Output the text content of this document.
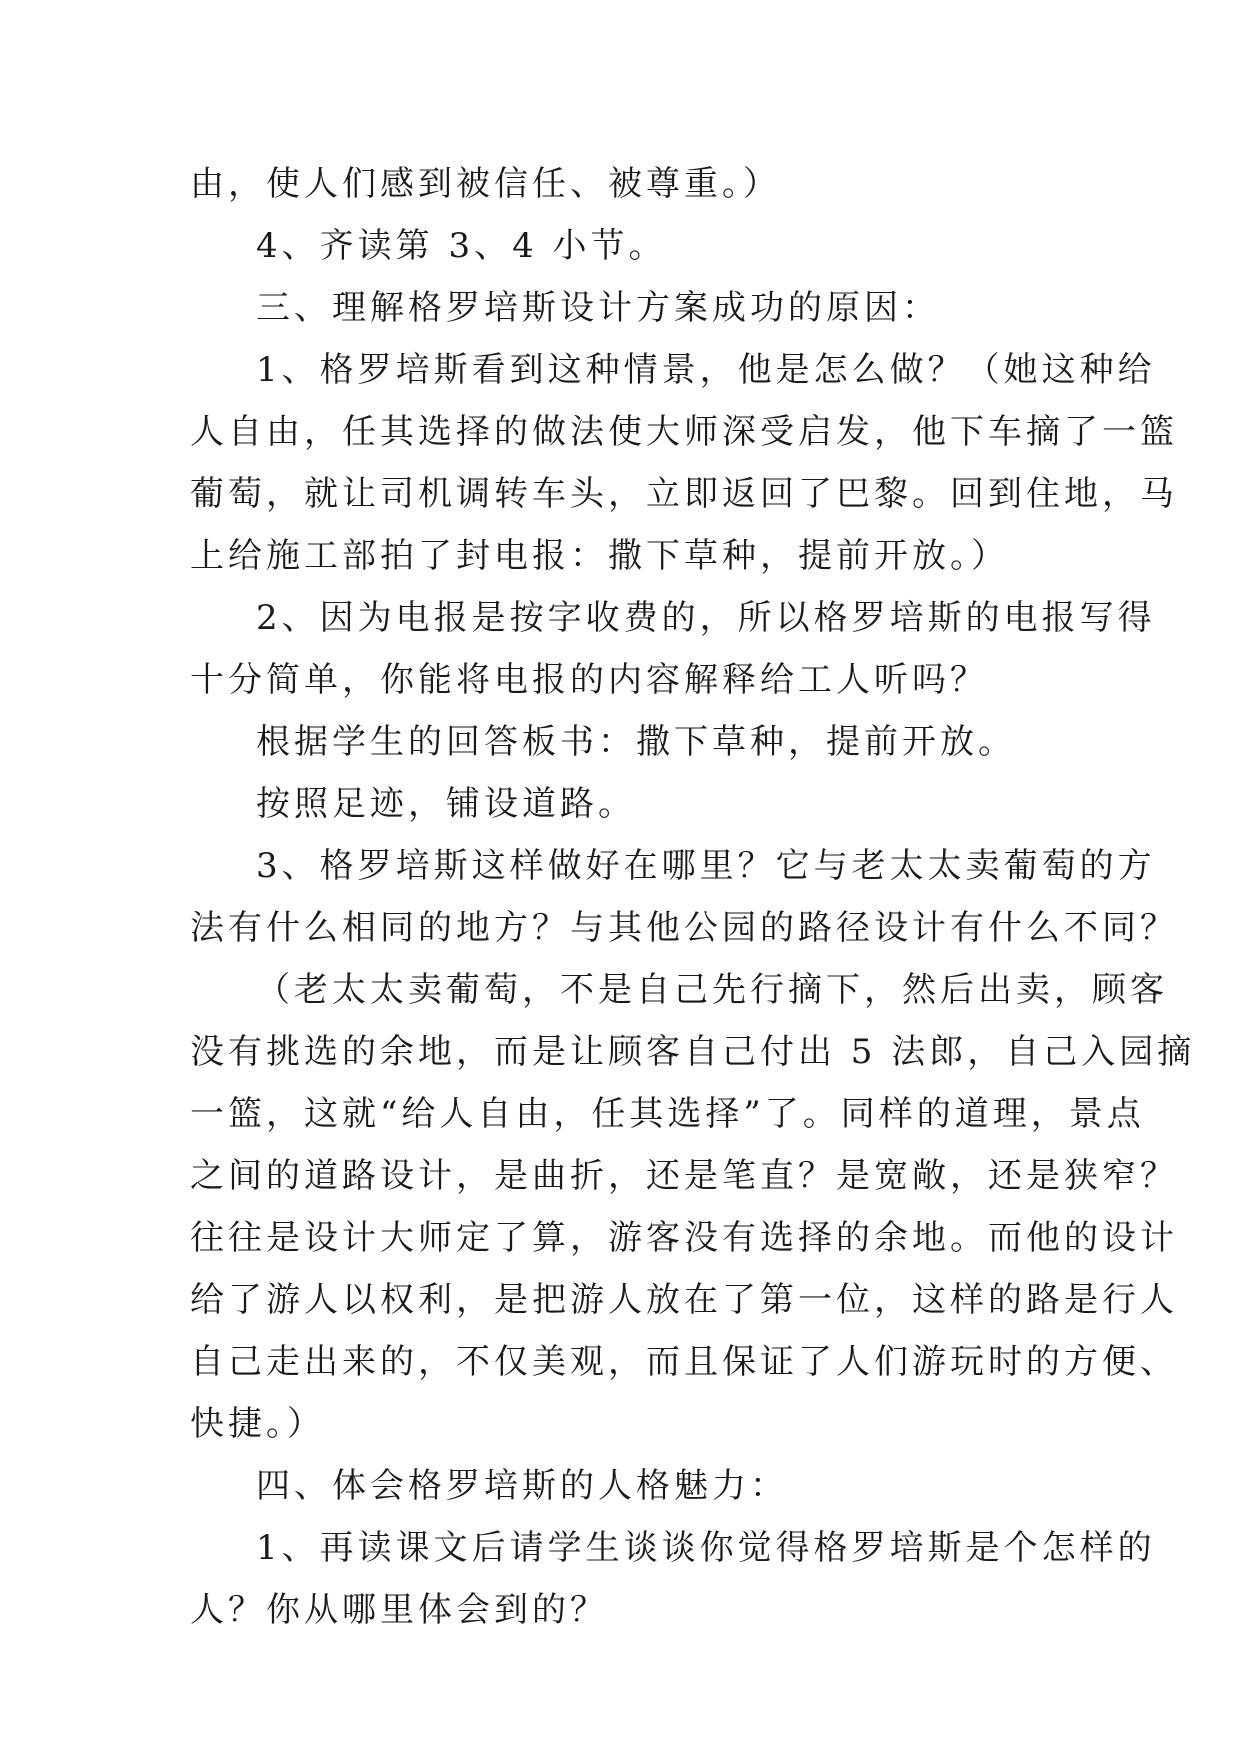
由，使人们感到被信任、被尊重。）

4、齐读第 3、4 小节。

三、理解格罗培斯设计方案成功的原因：

1、格罗培斯看到这种情景，他是怎么做？（她这种给

人自由，任其选择的做法使大师深受启发，他下车摘了一篮

葡萄，就让司机调转车头，立即返回了巴黎。回到住地，马

上给施工部拍了封电报：撒下草种，提前开放。）

2、因为电报是按字收费的，所以格罗培斯的电报写得

十分简单，你能将电报的内容解释给工人听吗？

根据学生的回答板书：撒下草种，提前开放。

按照足迹，铺设道路。

3、格罗培斯这样做好在哪里？它与老太太卖葡萄的方

法有什么相同的地方？与其他公园的路径设计有什么不同？

（老太太卖葡萄，不是自己先行摘下，然后出卖，顾客

没有挑选的余地，而是让顾客自己付出 5 法郎，自己入园摘

一篮，这就“给人自由，任其选择”了。同样的道理，景点

之间的道路设计，是曲折，还是笔直？是宽敞，还是狭窄？

往往是设计大师定了算，游客没有选择的余地。而他的设计

给了游人以权利，是把游人放在了第一位，这样的路是行人

自己走出来的，不仅美观，而且保证了人们游玩时的方便、

快捷。）

四、体会格罗培斯的人格魅力：

1、再读课文后请学生谈谈你觉得格罗培斯是个怎样的

人？你从哪里体会到的？
